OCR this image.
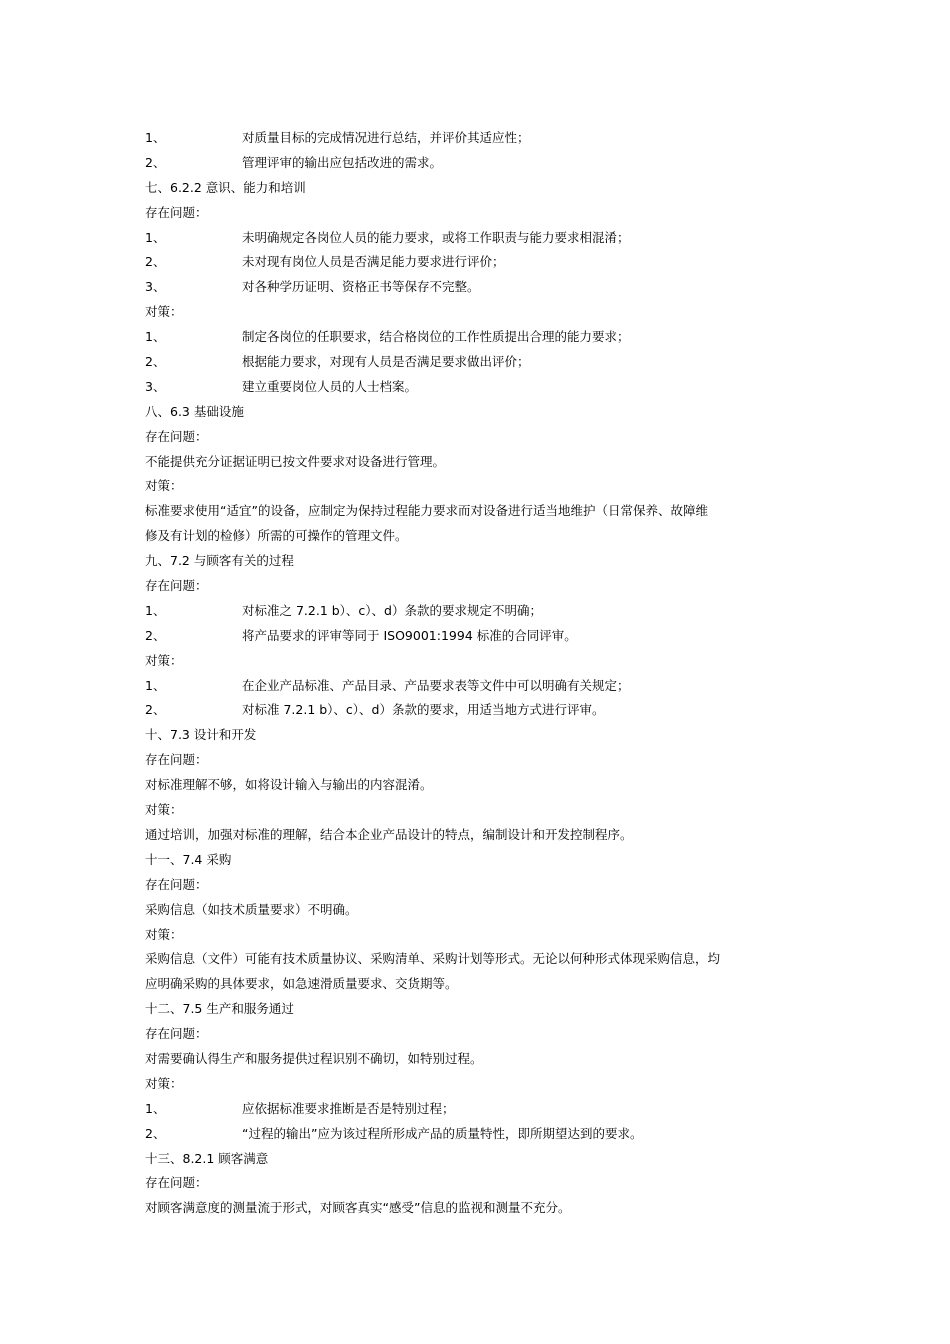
1、	对质量目标的完成情况进行总结，并评价其适应性；
2、	管理评审的输出应包括改进的需求。
七、6.2.2 意识、能力和培训
存在问题：
1、	未明确规定各岗位人员的能力要求，或将工作职责与能力要求相混淆；
2、	未对现有岗位人员是否满足能力要求进行评价；
3、	对各种学历证明、资格正书等保存不完整。
对策：
1、	制定各岗位的任职要求，结合格岗位的工作性质提出合理的能力要求；
2、	根据能力要求，对现有人员是否满足要求做出评价；
3、	建立重要岗位人员的人士档案。
八、6.3 基础设施
存在问题：
不能提供充分证据证明已按文件要求对设备进行管理。
对策：
标准要求使用“适宜”的设备，应制定为保持过程能力要求而对设备进行适当地维护（日常保养、故障维
修及有计划的检修）所需的可操作的管理文件。
九、7.2 与顾客有关的过程
存在问题：
1、	对标准之 7.2.1 b）、c）、d）条款的要求规定不明确；
2、	将产品要求的评审等同于 ISO9001:1994 标准的合同评审。
对策：
1、	在企业产品标准、产品目录、产品要求表等文件中可以明确有关规定；
2、	对标准 7.2.1 b）、c）、d）条款的要求，用适当地方式进行评审。
十、7.3 设计和开发
存在问题：
对标准理解不够，如将设计输入与输出的内容混淆。
对策：
通过培训，加强对标准的理解，结合本企业产品设计的特点，编制设计和开发控制程序。
十一、7.4 采购
存在问题：
采购信息（如技术质量要求）不明确。
对策：
采购信息（文件）可能有技术质量协议、采购清单、采购计划等形式。无论以何种形式体现采购信息，均
应明确采购的具体要求，如急速滑质量要求、交货期等。
十二、7.5 生产和服务通过
存在问题：
对需要确认得生产和服务提供过程识别不确切，如特别过程。
对策：
1、	应依据标准要求推断是否是特别过程；
2、	“过程的输出”应为该过程所形成产品的质量特性，即所期望达到的要求。
十三、8.2.1 顾客满意
存在问题：
对顾客满意度的测量流于形式，对顾客真实“感受”信息的监视和测量不充分。
